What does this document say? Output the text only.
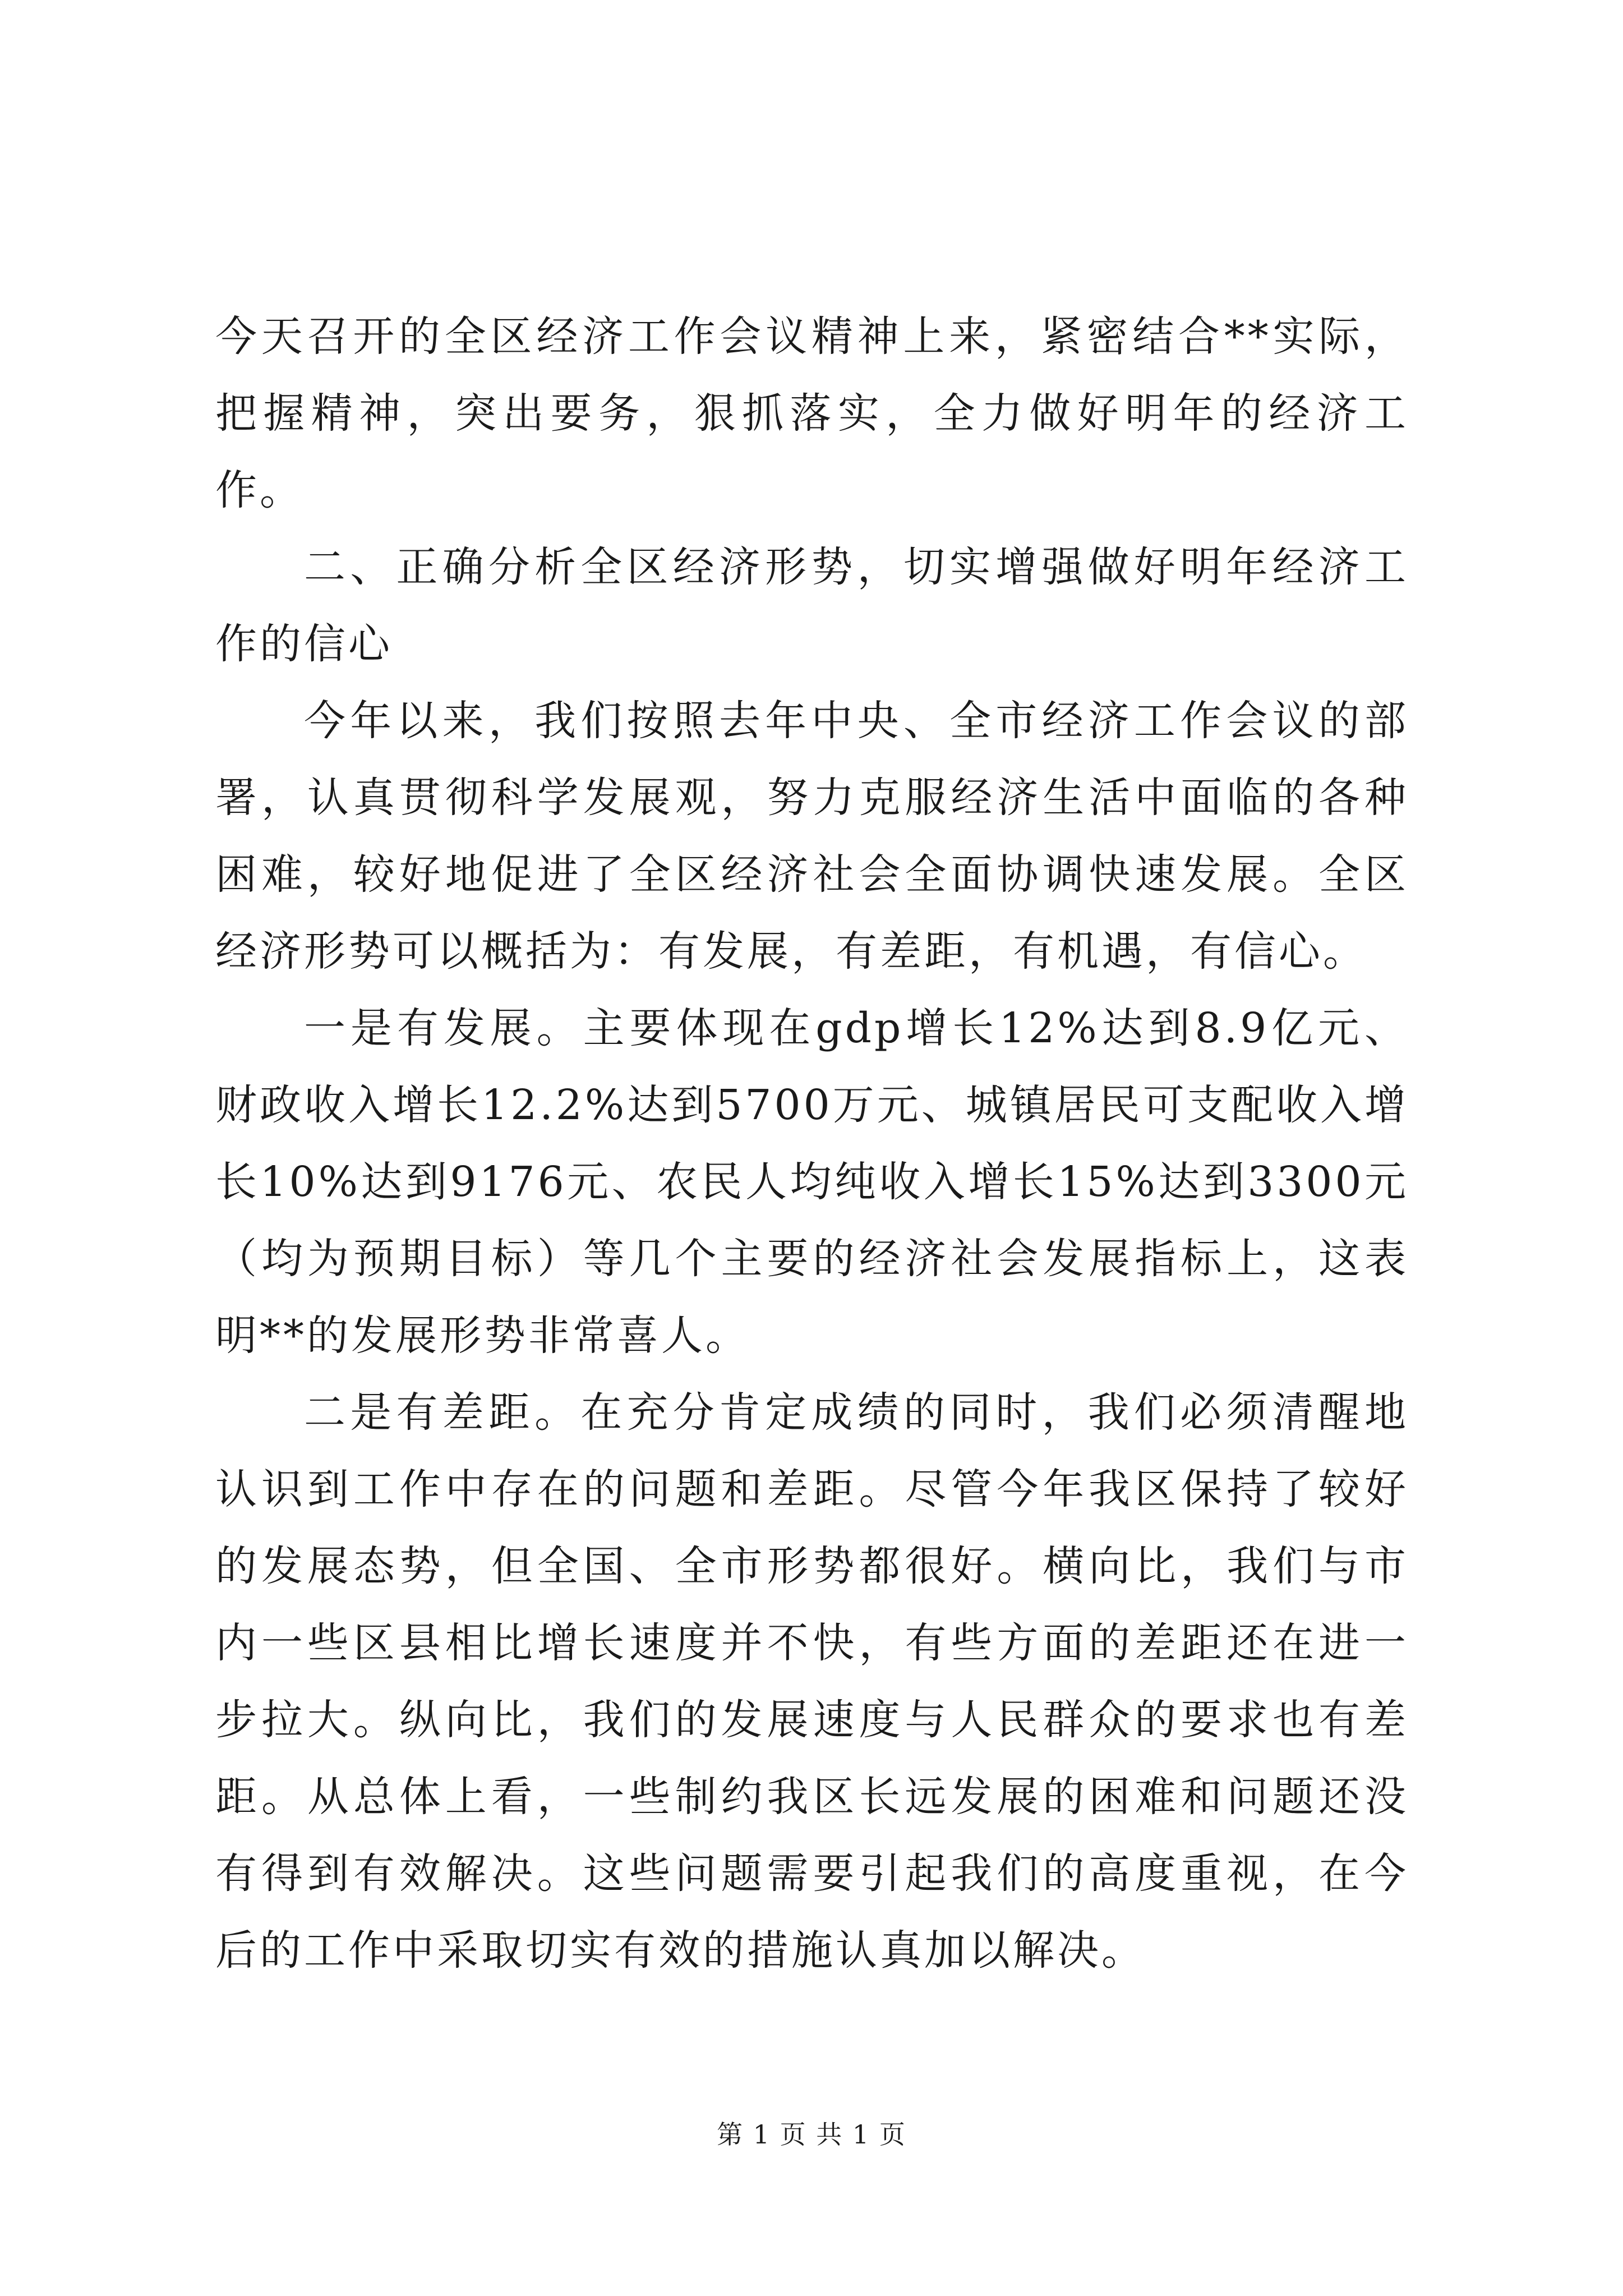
今天召开的全区经济工作会议精神上来，紧密结合**实际，把握精神，突出要务，狠抓落实，全力做好明年的经济工作。

二、正确分析全区经济形势，切实增强做好明年经济工作的信心

今年以来，我们按照去年中央、全市经济工作会议的部署，认真贯彻科学发展观，努力克服经济生活中面临的各种困难，较好地促进了全区经济社会全面协调快速发展。全区经济形势可以概括为：有发展，有差距，有机遇，有信心。

一是有发展。主要体现在gdp增长12%达到8.9亿元、财政收入增长12.2%达到5700万元、城镇居民可支配收入增长10%达到9176元、农民人均纯收入增长15%达到3300元（均为预期目标）等几个主要的经济社会发展指标上，这表明**的发展形势非常喜人。

二是有差距。在充分肯定成绩的同时，我们必须清醒地认识到工作中存在的问题和差距。尽管今年我区保持了较好的发展态势，但全国、全市形势都很好。横向比，我们与市内一些区县相比增长速度并不快，有些方面的差距还在进一步拉大。纵向比，我们的发展速度与人民群众的要求也有差距。从总体上看，一些制约我区长远发展的困难和问题还没有得到有效解决。这些问题需要引起我们的高度重视，在今后的工作中采取切实有效的措施认真加以解决。

第 1 页 共 1 页
